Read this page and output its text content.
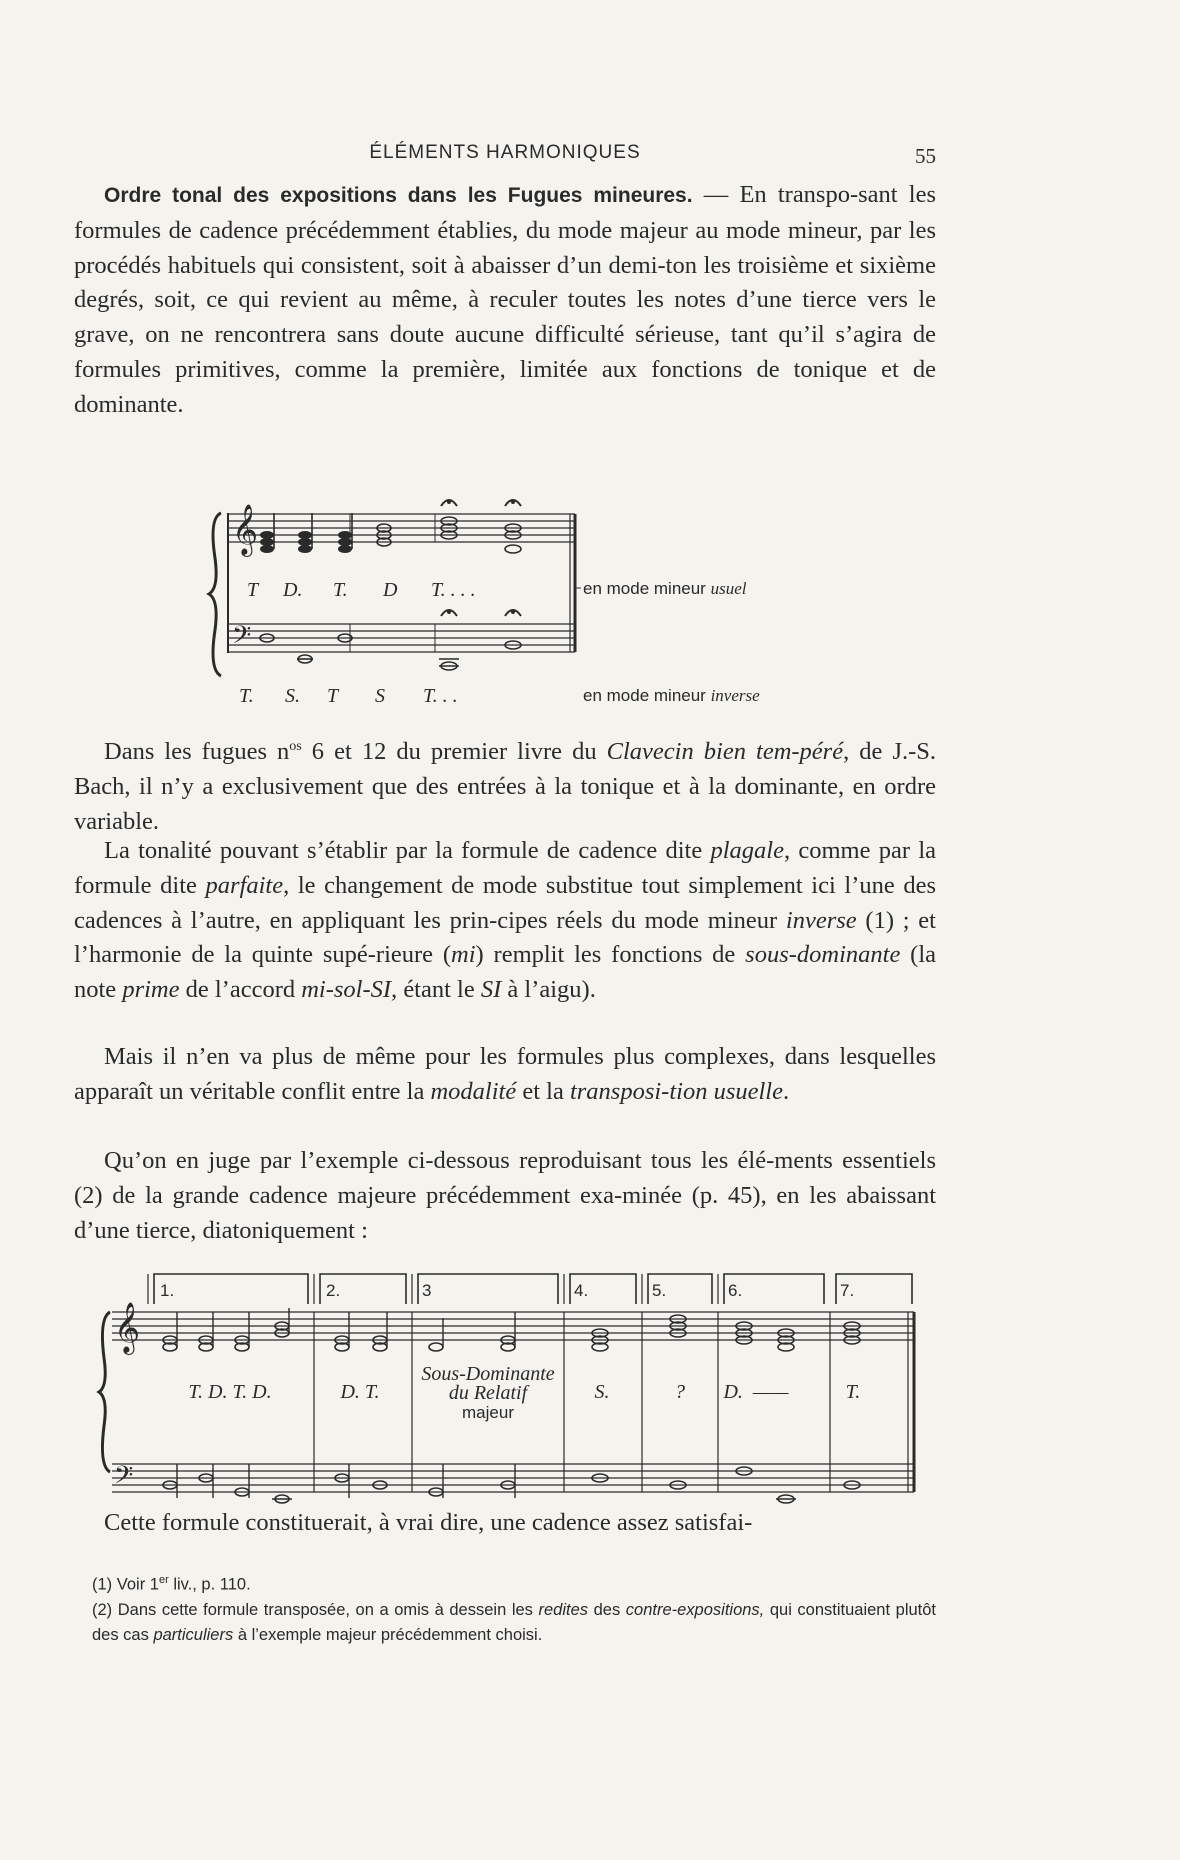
ÉLÉMENTS HARMONIQUES	55

Ordre tonal des expositions dans les Fugues mineures. — En transpo-sant les formules de cadence précédemment établies, du mode majeur au mode mineur, par les procédés habituels qui consistent, soit à abaisser d’un demi-ton les troisième et sixième degrés, soit, ce qui revient au même, à reculer toutes les notes d’une tierce vers le grave, on ne rencontrera sans doute aucune difficulté sérieuse, tant qu’il s’agira de formules primitives, comme la première, limitée aux fonctions de tonique et de dominante.

𝄞
𝄢
T D. T. D T. . . .	en mode mineur usuel
T. S. T S T. . .	en mode mineur inverse

Dans les fugues $n^{os}$ 6 et 12 du premier livre du Clavecin bien tem-péré, de J.-S. Bach, il n’y a exclusivement que des entrées à la tonique et à la dominante, en ordre variable.

La tonalité pouvant s’établir par la formule de cadence dite plagale, comme par la formule dite parfaite, le changement de mode substitue tout simplement ici l’une des cadences à l’autre, en appliquant les prin-cipes réels du mode mineur inverse (1) ; et l’harmonie de la quinte supé-rieure (mi) remplit les fonctions de sous-dominante (la note prime de l’accord mi-sol-SI, étant le SI à l’aigu).

Mais il n’en va plus de même pour les formules plus complexes, dans lesquelles apparaît un véritable conflit entre la modalité et la transposi-tion usuelle.

Qu’on en juge par l’exemple ci-dessous reproduisant tous les élé-ments essentiels (2) de la grande cadence majeure précédemment exa-minée (p. 45), en les abaissant d’une tierce, diatoniquement :

𝄞
𝄢
1.	2.	3	4.	5.	6.	7.
T. D. T. D.	D. T.
Sous-Dominante
du Relatif
majeur
S.	? D. ——	T.

Cette formule constituerait, à vrai dire, une cadence assez satisfai-

(1) Voir 1er liv., p. 110.

(2) Dans cette formule transposée, on a omis à dessein les redites des contre-expositions, qui constituaient plutôt des cas particuliers à l’exemple majeur précédemment choisi.
